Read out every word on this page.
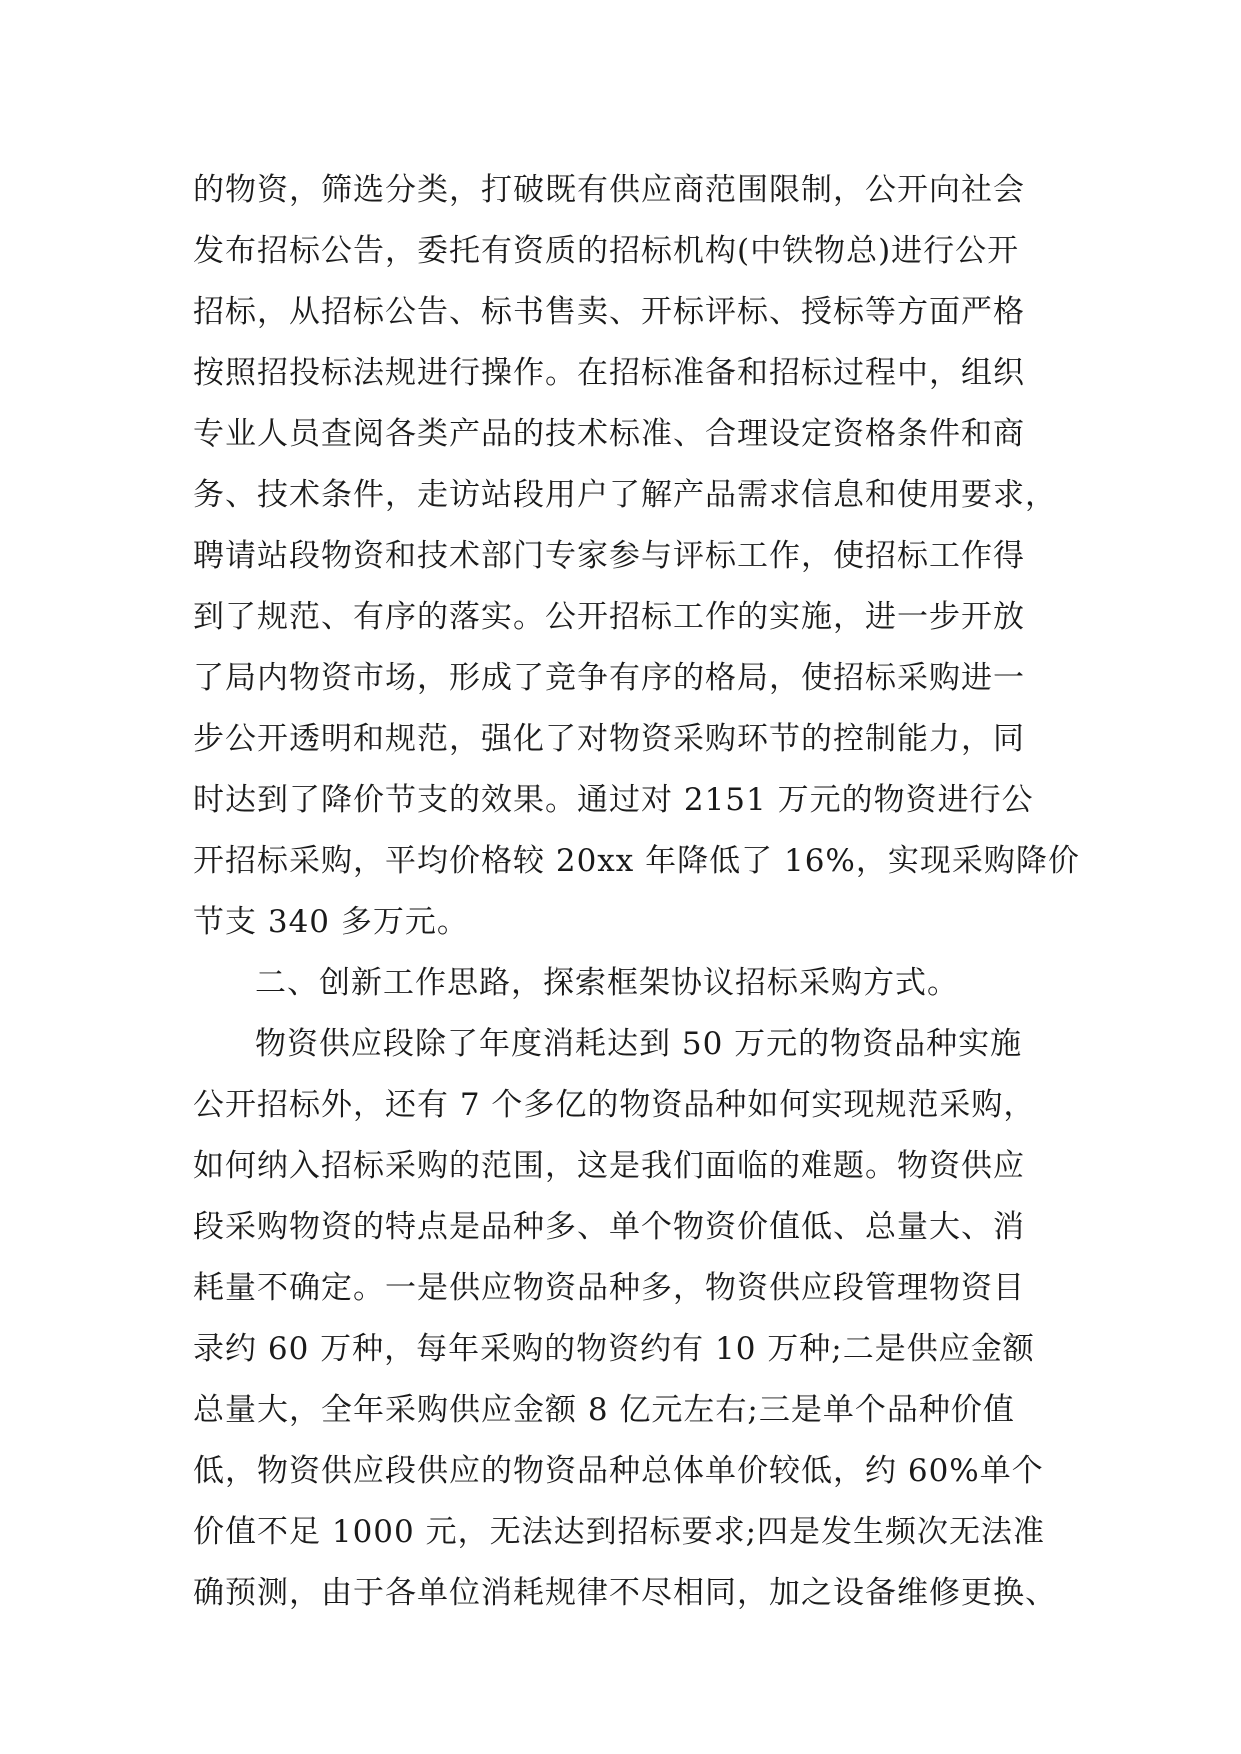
的物资，筛选分类，打破既有供应商范围限制，公开向社会
发布招标公告，委托有资质的招标机构(中铁物总)进行公开
招标，从招标公告、标书售卖、开标评标、授标等方面严格
按照招投标法规进行操作。在招标准备和招标过程中，组织
专业人员查阅各类产品的技术标准、合理设定资格条件和商
务、技术条件，走访站段用户了解产品需求信息和使用要求，
聘请站段物资和技术部门专家参与评标工作，使招标工作得
到了规范、有序的落实。公开招标工作的实施，进一步开放
了局内物资市场，形成了竞争有序的格局，使招标采购进一
步公开透明和规范，强化了对物资采购环节的控制能力，同
时达到了降价节支的效果。通过对 2151 万元的物资进行公
开招标采购，平均价格较 20xx 年降低了 16%，实现采购降价
节支 340 多万元。
二、创新工作思路，探索框架协议招标采购方式。
物资供应段除了年度消耗达到 50 万元的物资品种实施
公开招标外，还有 7 个多亿的物资品种如何实现规范采购，
如何纳入招标采购的范围，这是我们面临的难题。物资供应
段采购物资的特点是品种多、单个物资价值低、总量大、消
耗量不确定。一是供应物资品种多，物资供应段管理物资目
录约 60 万种，每年采购的物资约有 10 万种;二是供应金额
总量大，全年采购供应金额 8 亿元左右;三是单个品种价值
低，物资供应段供应的物资品种总体单价较低，约 60%单个
价值不足 1000 元，无法达到招标要求;四是发生频次无法准
确预测，由于各单位消耗规律不尽相同，加之设备维修更换、
